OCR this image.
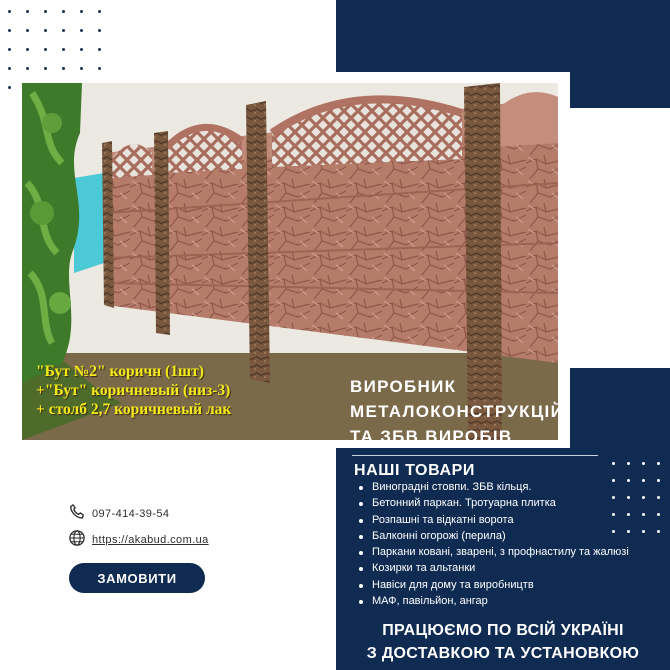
"Бут №2" коричн (1шт)
+"Бут" коричневый (низ-3)
+ столб 2,7 коричневый лак
ВИРОБНИК
МЕТАЛОКОНСТРУКЦІЙ
ТА ЗБВ ВИРОБІВ
НАШІ ТОВАРИ
Виноградні стовпи. ЗБВ кільця.
Бетонний паркан. Тротуарна плитка
Розпашні та відкатні ворота
Балконні огорожі (перила)
Паркани ковані, зварені, з профнастилу та жалюзі
Козирки та альтанки
Навіси для дому та виробництв
МАФ, павільйон, ангар
ПРАЦЮЄМО ПО ВСІЙ УКРАЇНІ
З ДОСТАВКОЮ ТА УСТАНОВКОЮ
097-414-39-54
https://akabud.com.ua
ЗАМОВИТИ
